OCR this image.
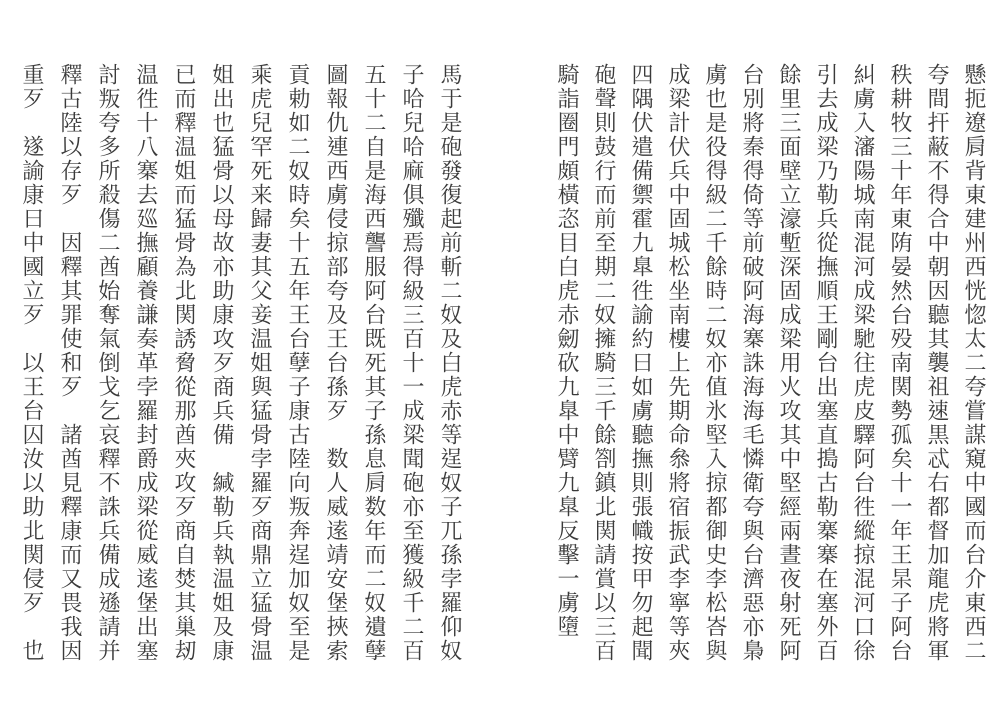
懸扼遼肩背東建州西恍惚太二夸嘗謀窺中國而台介東西二
夸間扞蔽不得合中朝因聽其襲祖速黒忒右都督加龍虎將軍
秩耕牧三十年東陏晏然台殁南関勢孤矣十一年王杲子阿台
糾虜入瀋陽城南混河成梁馳往虎皮驛阿台徃縱掠混河口徐
引去成梁乃勒兵從撫順王剛台出塞直搗古勒寨寨在塞外百
餘里三面壁立濠塹深固成梁用火攻其中堅經兩晝夜射死阿
台別將秦得倚等前破阿海寨誅海海毛憐衛夸與台濟惡亦梟
虜也是役得級二千餘時二奴亦值氷堅入掠都御史李松峇與
成梁計伏兵中固城松坐南樓上先期命叅將宿振武李寧等夾
四隅伏遣備禦霍九臯徃諭約曰如虜聽撫則張幟按甲勿起聞
砲聲則鼓行而前至期二奴擁騎三千餘劄鎮北関請賞以三百
騎詣圈門頗橫恣目白虎赤劒砍九臯中臂九臯反擊一虜墮
馬于是砲發復起前斬二奴及白虎赤等逞奴子兀孫孛羅仰奴
子哈兒哈麻俱殲焉得級三百十一成梁聞砲亦至獲級千二百
五十二自是海西讋服阿台既死其子孫息肩数年而二奴遺孽
圖報仇連西虜侵掠部夸及王台孫歹　数人威逺靖安堡挾索
貢勅如二奴時矣十五年王台孽子康古陸向叛奔逞加奴至是
乘虎兒罕死来歸妻其父妾温姐與猛骨孛羅歹商鼎立猛骨温
姐出也猛骨以母故亦助康攻歹商兵備　緘勒兵執温姐及康
已而釋温姐而猛骨為北関誘脅從那酋夾攻歹商自焚其巢刼
温徃十八寨去廵撫顧養謙奏革孛羅封爵成梁從威逺堡出塞
討叛夸多所殺傷二酋始奪氣倒戈乞哀釋不誅兵備成遜請并
釋古陸以存歹　因釋其罪使和歹　諸酋見釋康而又畏我因
重歹　遂諭康曰中國立歹　以王台囚汝以助北関侵歹　也
